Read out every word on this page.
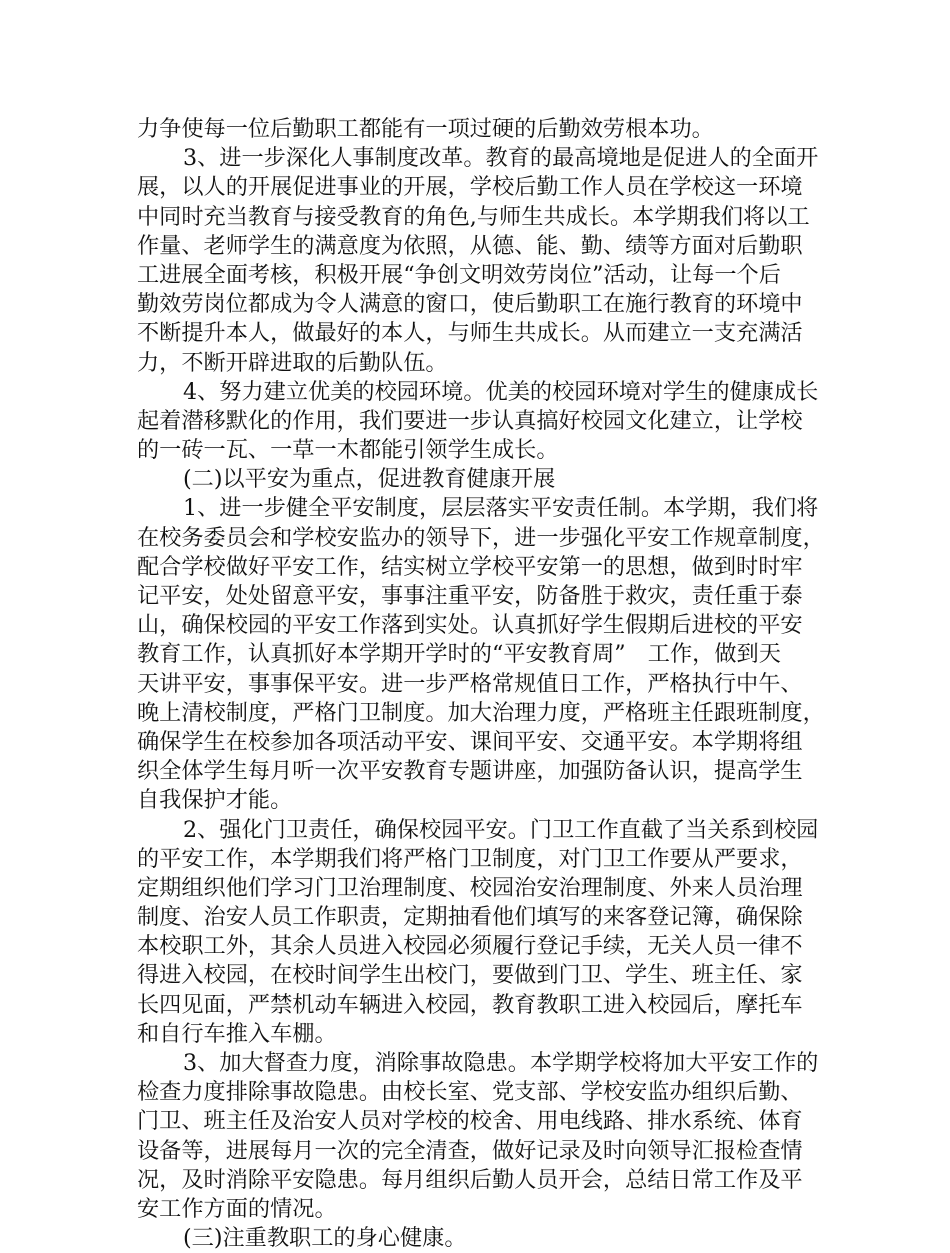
力争使每一位后勤职工都能有一项过硬的后勤效劳根本功。
3、进一步深化人事制度改革。教育的最高境地是促进人的全面开
展，以人的开展促进事业的开展，学校后勤工作人员在学校这一环境
中同时充当教育与接受教育的角色,与师生共成长。本学期我们将以工
作量、老师学生的满意度为依照，从德、能、勤、绩等方面对后勤职
工进展全面考核，积极开展“争创文明效劳岗位”活动，让每一个后
勤效劳岗位都成为令人满意的窗口，使后勤职工在施行教育的环境中
不断提升本人，做最好的本人，与师生共成长。从而建立一支充满活
力，不断开辟进取的后勤队伍。
4、努力建立优美的校园环境。优美的校园环境对学生的健康成长
起着潜移默化的作用，我们要进一步认真搞好校园文化建立，让学校
的一砖一瓦、一草一木都能引领学生成长。
(二)以平安为重点，促进教育健康开展
1、进一步健全平安制度，层层落实平安责任制。本学期，我们将
在校务委员会和学校安监办的领导下，进一步强化平安工作规章制度，
配合学校做好平安工作，结实树立学校平安第一的思想，做到时时牢
记平安，处处留意平安，事事注重平安，防备胜于救灾，责任重于泰
山，确保校园的平安工作落到实处。认真抓好学生假期后进校的平安
教育工作，认真抓好本学期开学时的“平安教育周”　工作，做到天
天讲平安，事事保平安。进一步严格常规值日工作，严格执行中午、
晚上清校制度，严格门卫制度。加大治理力度，严格班主任跟班制度，
确保学生在校参加各项活动平安、课间平安、交通平安。本学期将组
织全体学生每月听一次平安教育专题讲座，加强防备认识，提高学生
自我保护才能。
2、强化门卫责任，确保校园平安。门卫工作直截了当关系到校园
的平安工作，本学期我们将严格门卫制度，对门卫工作要从严要求，
定期组织他们学习门卫治理制度、校园治安治理制度、外来人员治理
制度、治安人员工作职责，定期抽看他们填写的来客登记簿，确保除
本校职工外，其余人员进入校园必须履行登记手续，无关人员一律不
得进入校园，在校时间学生出校门，要做到门卫、学生、班主任、家
长四见面，严禁机动车辆进入校园，教育教职工进入校园后，摩托车
和自行车推入车棚。
3、加大督查力度，消除事故隐患。本学期学校将加大平安工作的
检查力度排除事故隐患。由校长室、党支部、学校安监办组织后勤、
门卫、班主任及治安人员对学校的校舍、用电线路、排水系统、体育
设备等，进展每月一次的完全清查，做好记录及时向领导汇报检查情
况，及时消除平安隐患。每月组织后勤人员开会，总结日常工作及平
安工作方面的情况。
(三)注重教职工的身心健康。
